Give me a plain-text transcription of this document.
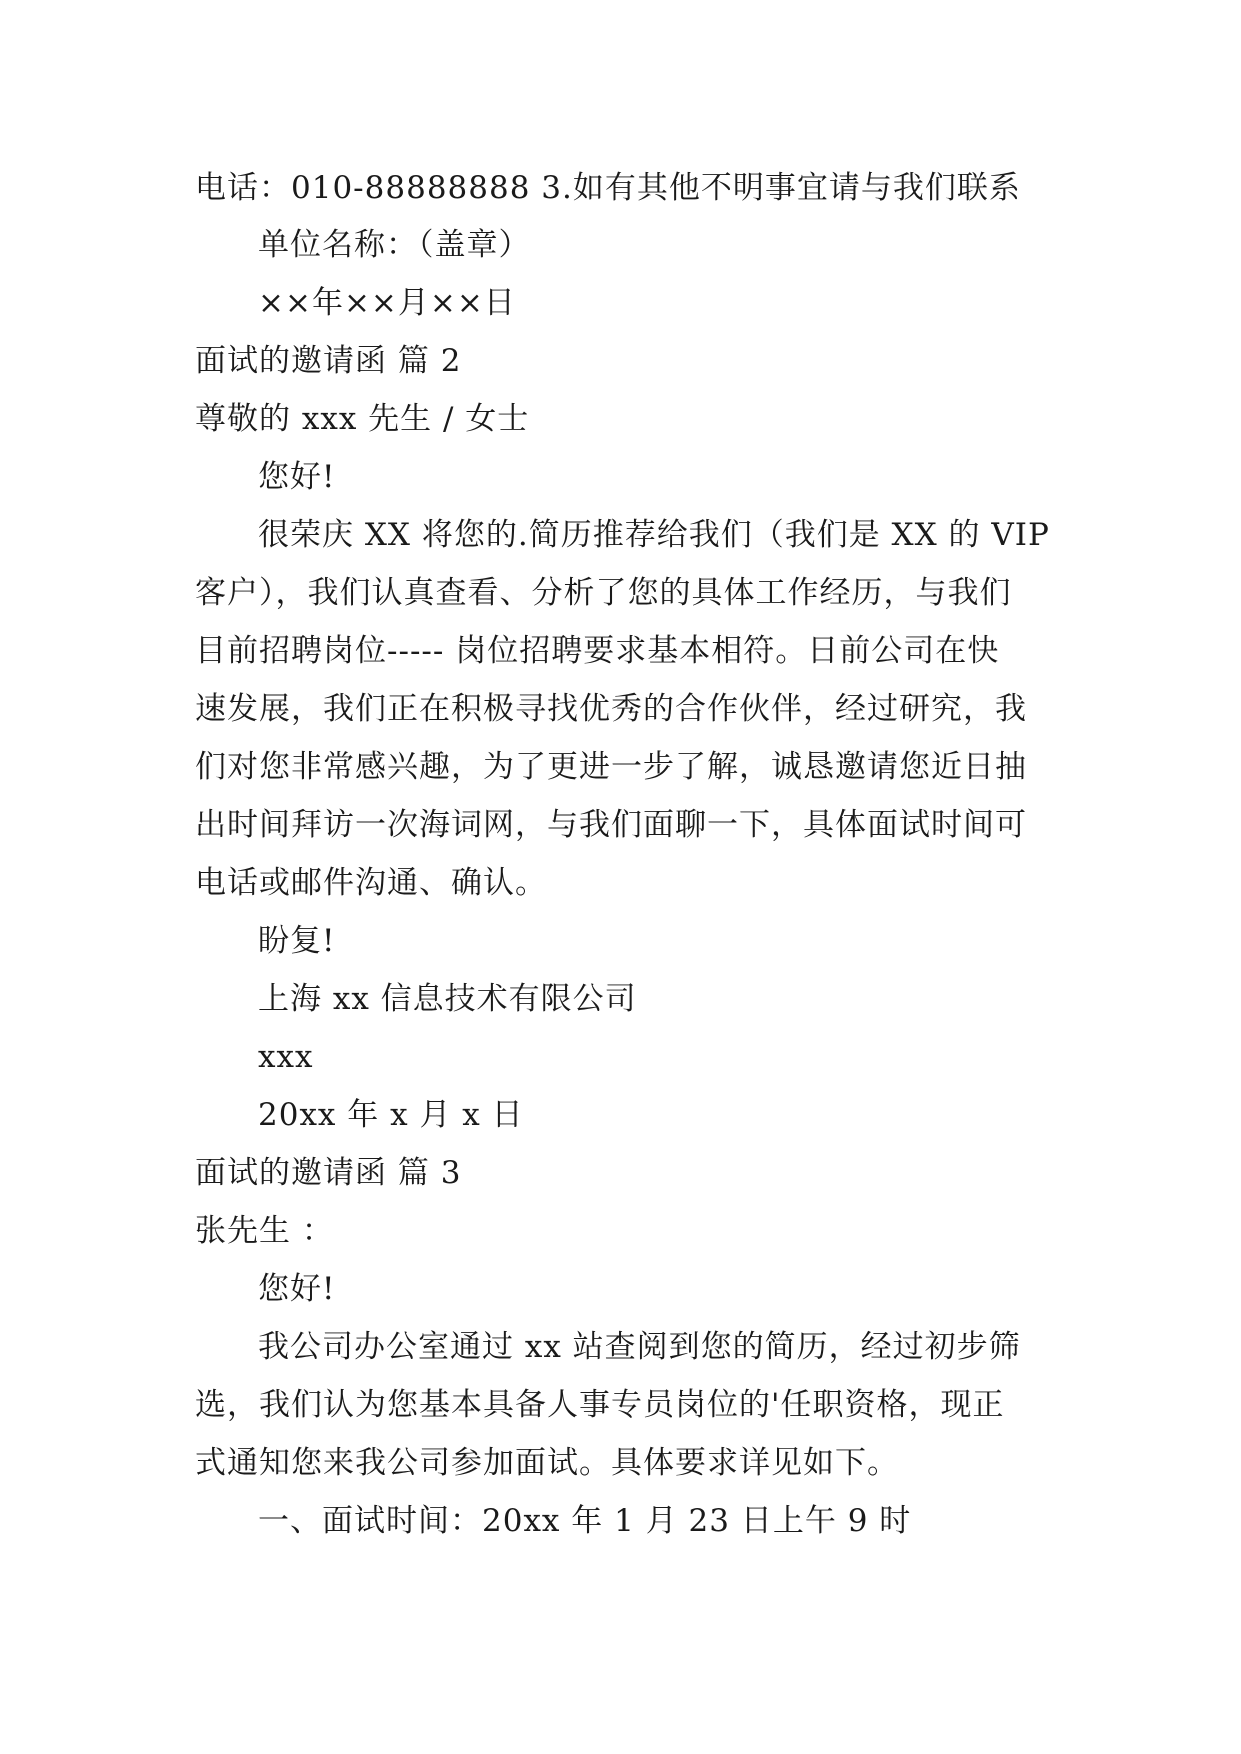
电话：010-88888888 3.如有其他不明事宜请与我们联系
单位名称：（盖章）
××年××月××日
面试的邀请函 篇 2
尊敬的 xxx 先生 / 女士
您好!
很荣庆 XX 将您的.简历推荐给我们（我们是 XX 的 VIP
客户），我们认真查看、分析了您的具体工作经历，与我们
目前招聘岗位----- 岗位招聘要求基本相符。日前公司在快
速发展，我们正在积极寻找优秀的合作伙伴，经过研究，我
们对您非常感兴趣，为了更进一步了解，诚恳邀请您近日抽
出时间拜访一次海词网，与我们面聊一下，具体面试时间可
电话或邮件沟通、确认。
盼复!
上海 xx 信息技术有限公司
xxx
20xx 年 x 月 x 日
面试的邀请函 篇 3
张先生 ：
您好!
我公司办公室通过 xx 站查阅到您的简历，经过初步筛
选，我们认为您基本具备人事专员岗位的'任职资格，现正
式通知您来我公司参加面试。具体要求详见如下。
一、面试时间：20xx 年 1 月 23 日上午 9 时
